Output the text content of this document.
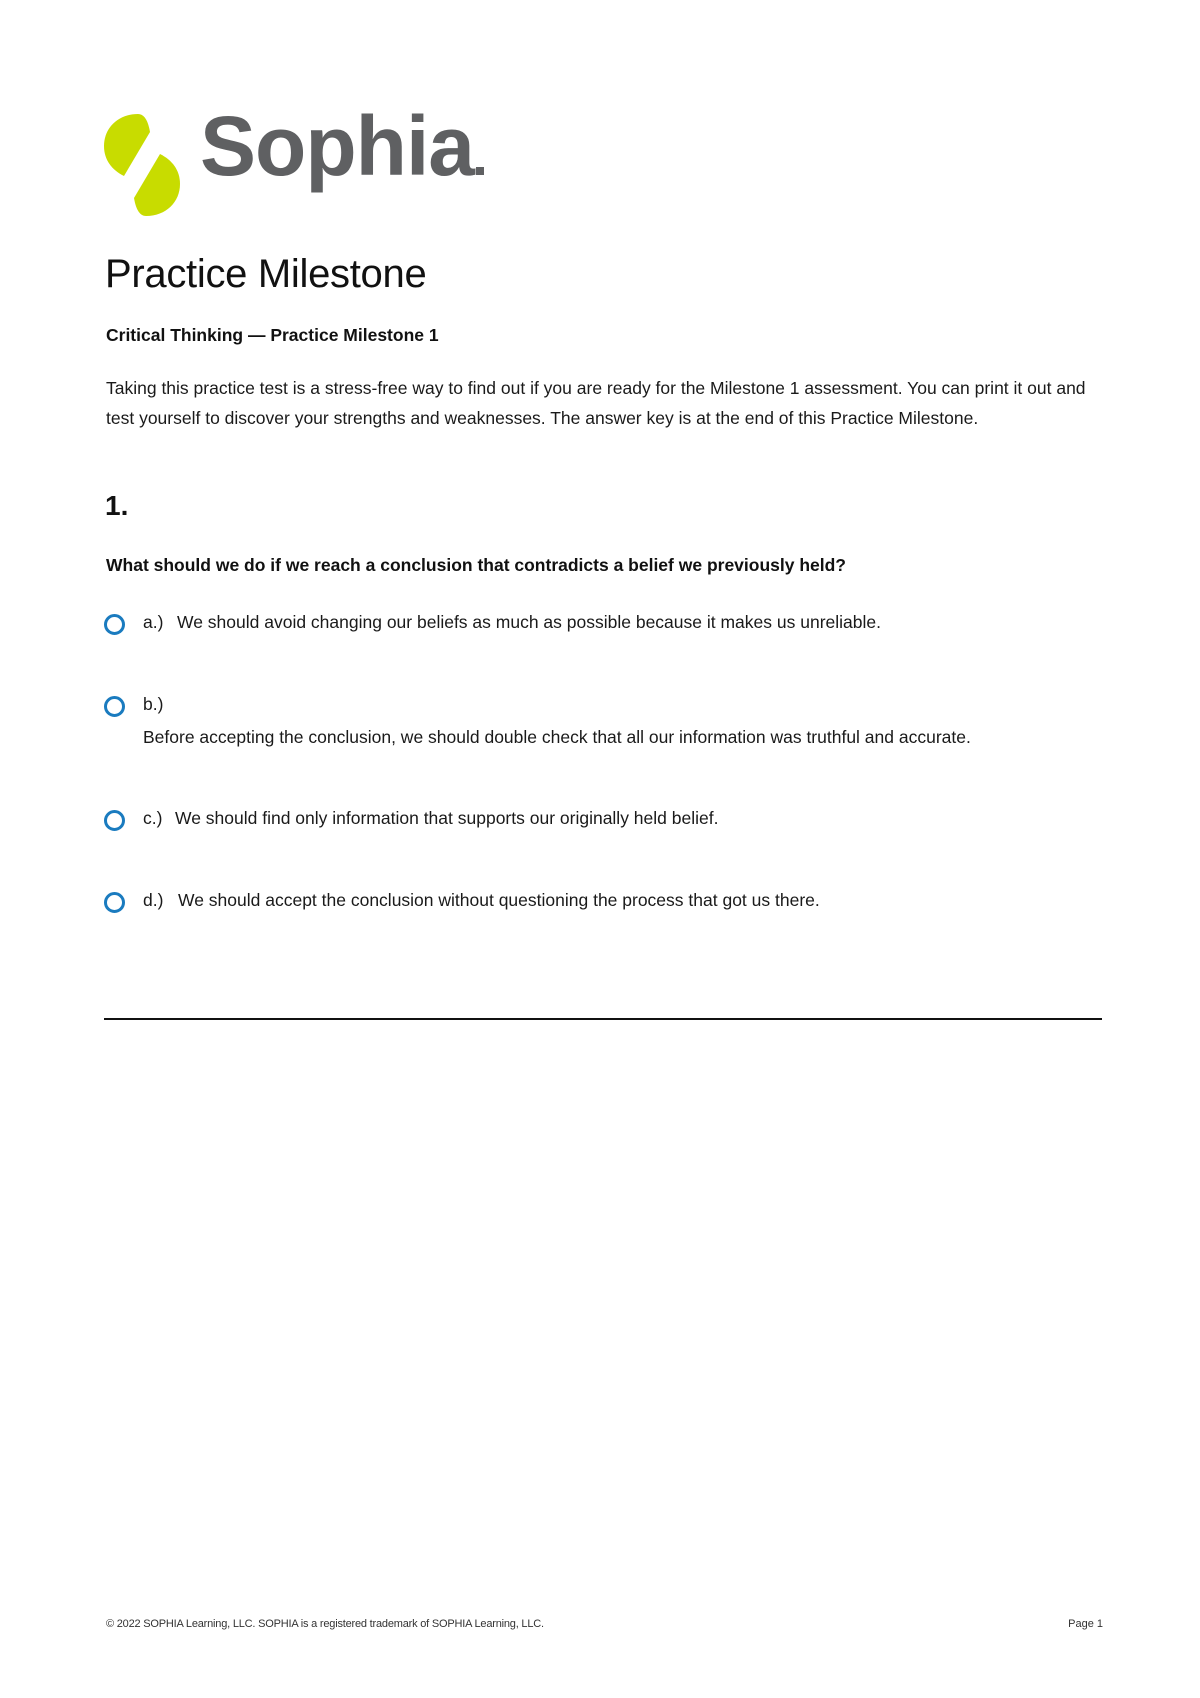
Sophia
Practice Milestone
Critical Thinking — Practice Milestone 1
Taking this practice test is a stress-free way to find out if you are ready for the Milestone 1 assessment. You can print it out and test yourself to discover your strengths and weaknesses. The answer key is at the end of this Practice Milestone.
1.
What should we do if we reach a conclusion that contradicts a belief we previously held?
a.) We should avoid changing our beliefs as much as possible because it makes us unreliable.
b.)
Before accepting the conclusion, we should double check that all our information was truthful and accurate.
c.) We should find only information that supports our originally held belief.
d.) We should accept the conclusion without questioning the process that got us there.
© 2022 SOPHIA Learning, LLC. SOPHIA is a registered trademark of SOPHIA Learning, LLC.	Page 1
